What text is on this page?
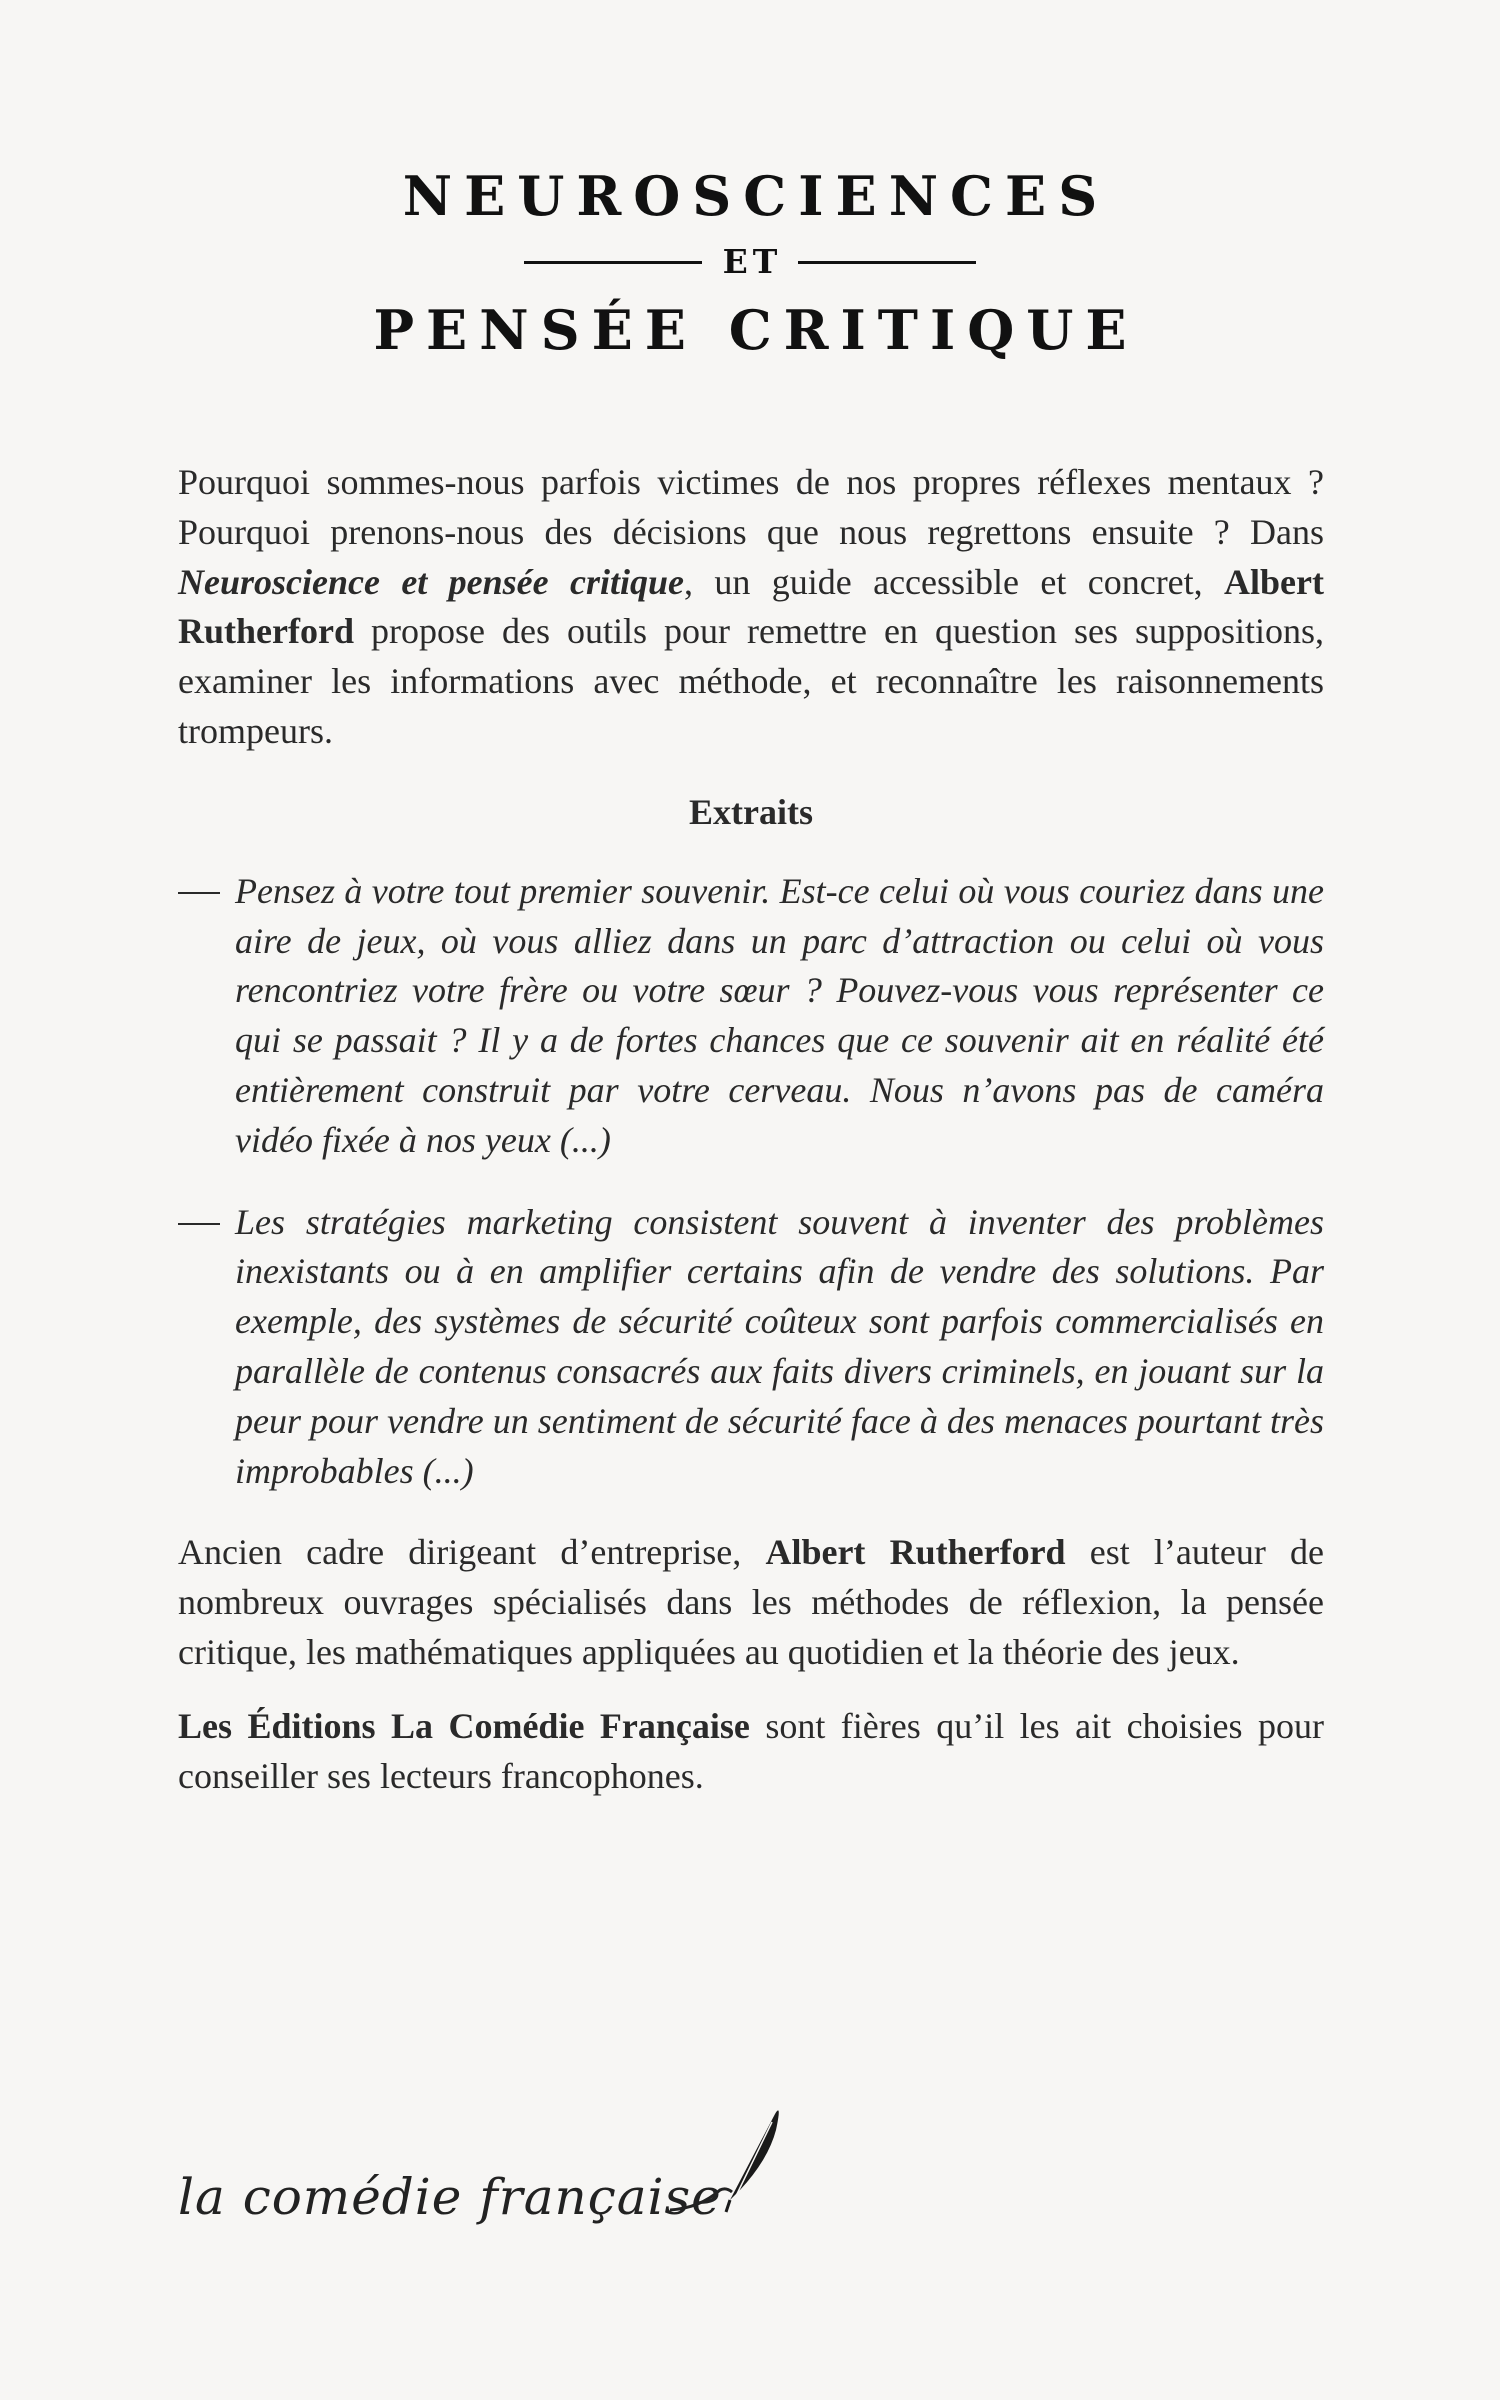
NEUROSCIENCES
ET
PENSÉE CRITIQUE

Pourquoi sommes-nous parfois victimes de nos propres réflexes mentaux ? Pourquoi prenons-nous des décisions que nous regrettons ensuite ? Dans Neuroscience et pensée critique, un guide accessible et concret, Albert Rutherford propose des outils pour remettre en question ses suppositions, examiner les informations avec méthode, et reconnaître les raisonnements trompeurs.

Extraits
Pensez à votre tout premier souvenir. Est-ce celui où vous couriez dans une aire de jeux, où vous alliez dans un parc d’attraction ou celui où vous rencontriez votre frère ou votre sœur ? Pouvez-vous vous représenter ce qui se passait ? Il y a de fortes chances que ce souvenir ait en réalité été entièrement construit par votre cerveau. Nous n’avons pas de caméra vidéo fixée à nos yeux (...)
Les stratégies marketing consistent souvent à inventer des problèmes inexistants ou à en amplifier certains afin de vendre des solutions. Par exemple, des systèmes de sécurité coûteux sont parfois commercialisés en parallèle de contenus consacrés aux faits divers criminels, en jouant sur la peur pour vendre un sentiment de sécurité face à des menaces pourtant très improbables (...)

Ancien cadre dirigeant d’entreprise, Albert Rutherford est l’auteur de nombreux ouvrages spécialisés dans les méthodes de réflexion, la pensée critique, les mathématiques appliquées au quotidien et la théorie des jeux.

Les Éditions La Comédie Française sont fières qu’il les ait choisies pour conseiller ses lecteurs francophones.

la comédie française
